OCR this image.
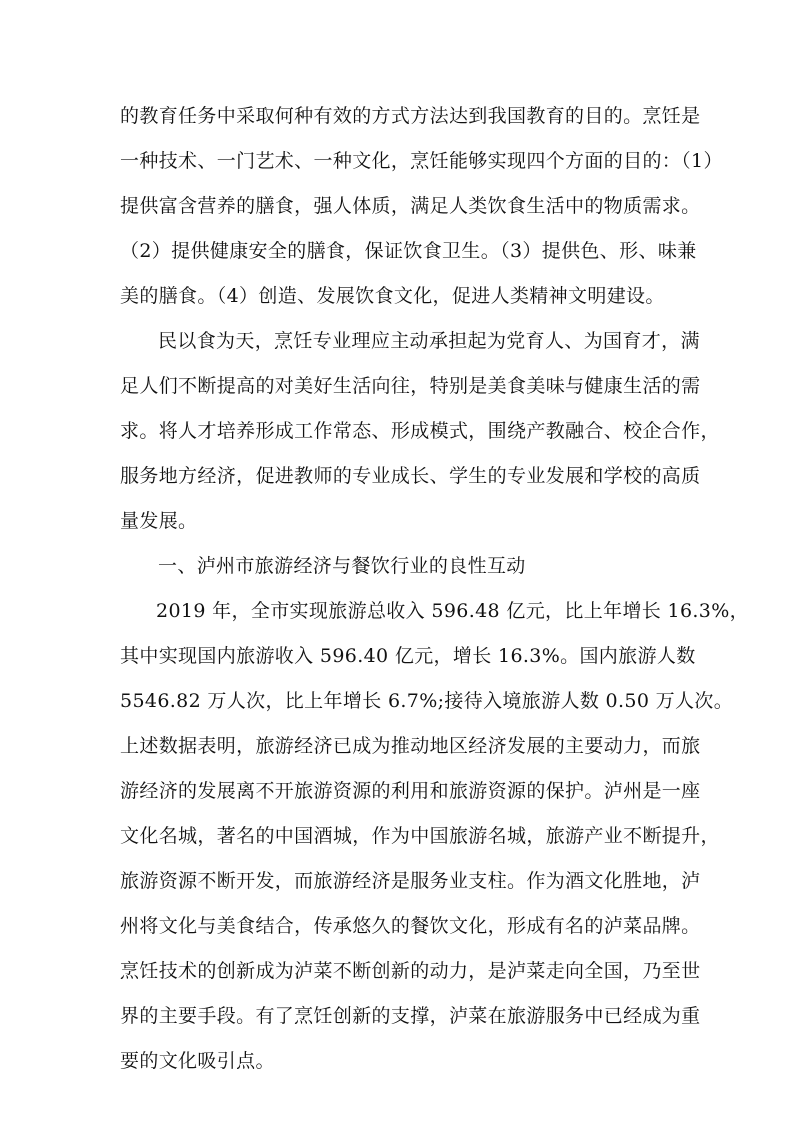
的教育任务中采取何种有效的方式方法达到我国教育的目的。烹饪是
一种技术、一门艺术、一种文化，烹饪能够实现四个方面的目的：（1）
提供富含营养的膳食，强人体质，满足人类饮食生活中的物质需求。
（2）提供健康安全的膳食，保证饮食卫生。（3）提供色、形、味兼
美的膳食。（4）创造、发展饮食文化，促进人类精神文明建设。
民以食为天，烹饪专业理应主动承担起为党育人、为国育才，满
足人们不断提高的对美好生活向往，特别是美食美味与健康生活的需
求。将人才培养形成工作常态、形成模式，围绕产教融合、校企合作，
服务地方经济，促进教师的专业成长、学生的专业发展和学校的高质
量发展。
一、泸州市旅游经济与餐饮行业的良性互动
2019 年，全市实现旅游总收入 596.48 亿元，比上年增长 16.3%，
其中实现国内旅游收入 596.40 亿元，增长 16.3%。国内旅游人数
5546.82 万人次，比上年增长 6.7%;接待入境旅游人数 0.50 万人次。
上述数据表明，旅游经济已成为推动地区经济发展的主要动力，而旅
游经济的发展离不开旅游资源的利用和旅游资源的保护。泸州是一座
文化名城，著名的中国酒城，作为中国旅游名城，旅游产业不断提升，
旅游资源不断开发，而旅游经济是服务业支柱。作为酒文化胜地，泸
州将文化与美食结合，传承悠久的餐饮文化，形成有名的泸菜品牌。
烹饪技术的创新成为泸菜不断创新的动力，是泸菜走向全国，乃至世
界的主要手段。有了烹饪创新的支撑，泸菜在旅游服务中已经成为重
要的文化吸引点。
